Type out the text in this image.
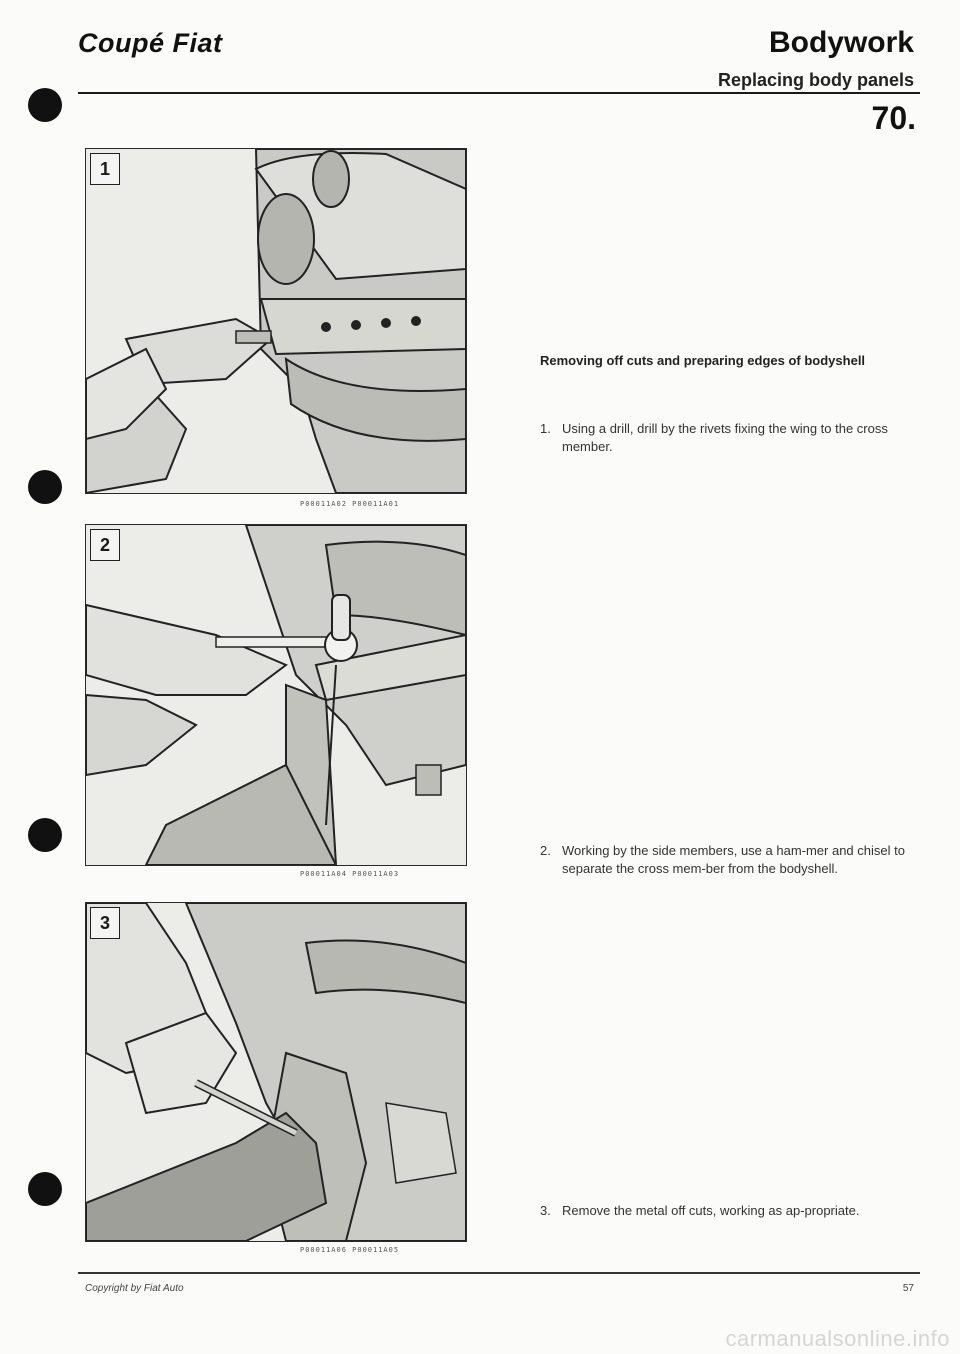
Coupé Fiat	Bodywork
Replacing body panels
70.
1
P00011A02 P00011A01
2
P00011A04 P00011A03
3
P00011A06 P00011A05
Removing off cuts and preparing edges of bodyshell
1. Using a drill, drill by the rivets fixing the wing to the cross member.
2. Working by the side members, use a ham-mer and chisel to separate the cross mem-ber from the bodyshell.
3. Remove the metal off cuts, working as ap-propriate.
Copyright by Fiat Auto	57
carmanualsonline.info
